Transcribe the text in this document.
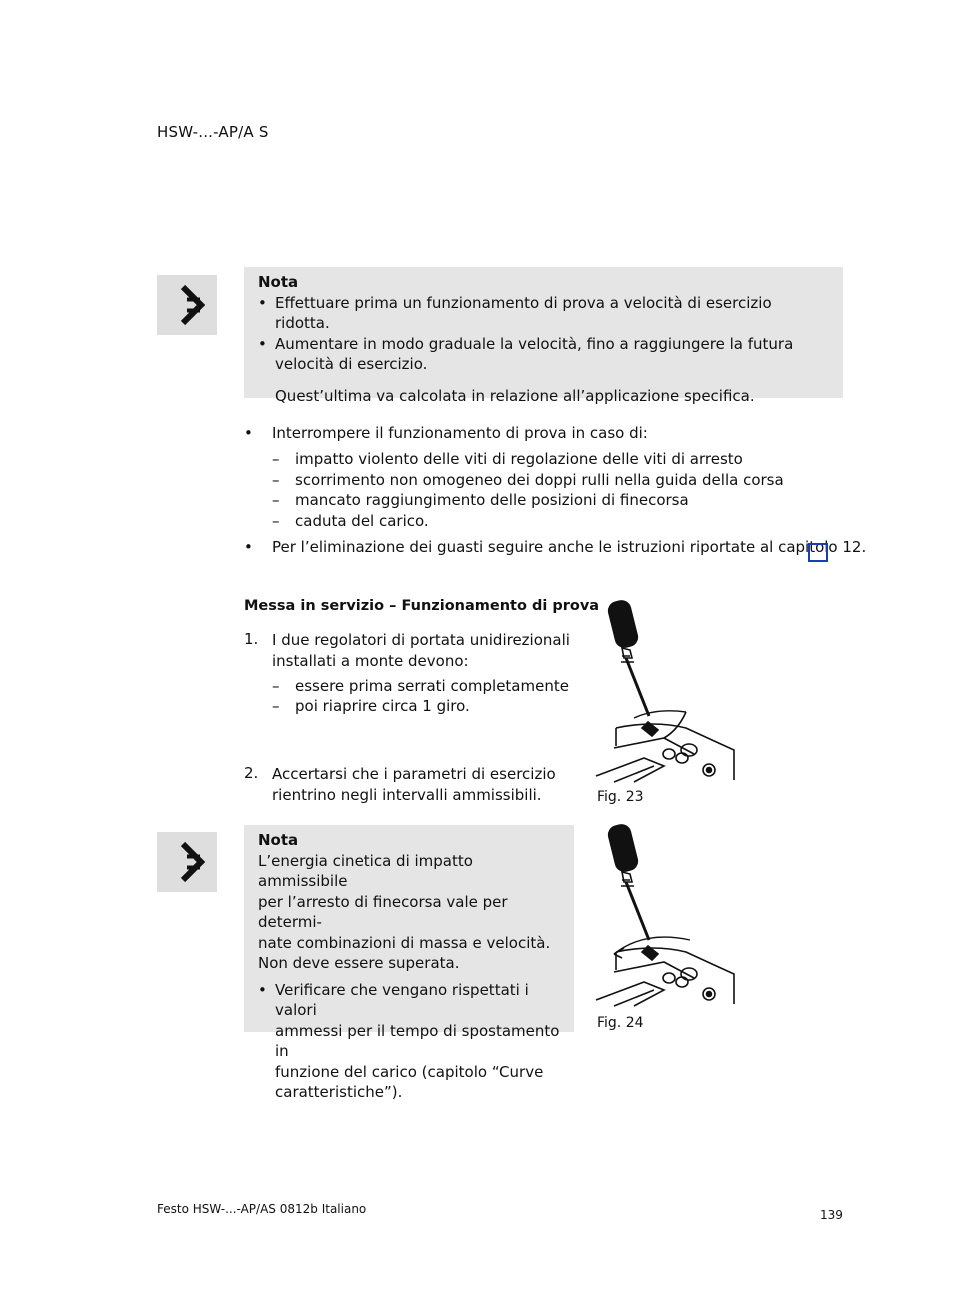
HSW-...-AP/A S
Nota
• Effettuare prima un funzionamento di prova a velocità di esercizio ridotta.
• Aumentare in modo graduale la velocità, fino a raggiungere la futura velocità di esercizio.
Quest’ultima va calcolata in relazione all’applicazione specifica.
• Interrompere il funzionamento di prova in caso di:
– impatto violento delle viti di regolazione delle viti di arresto
– scorrimento non omogeneo dei doppi rulli nella guida della corsa
– mancato raggiungimento delle posizioni di finecorsa
– caduta del carico.
• Per l’eliminazione dei guasti seguire anche le istruzioni riportate al capitolo 12.
Messa in servizio – Funzionamento di prova
1. I due regolatori di portata unidirezionali
installati a monte devono:
– essere prima serrati completamente
– poi riaprire circa 1 giro.
2. Accertarsi che i parametri di esercizio
rientrino negli intervalli ammissibili.	Fig. 23
Nota
L’energia cinetica di impatto ammissibile
per l’arresto di finecorsa vale per determi-
nate combinazioni di massa e velocità.
Non deve essere superata.
• Verificare che vengano rispettati i valori
ammessi per il tempo di spostamento in
funzione del carico (capitolo “Curve
caratteristiche”).
Fig. 24
Festo HSW-...-AP/AS 0812b Italiano	139
